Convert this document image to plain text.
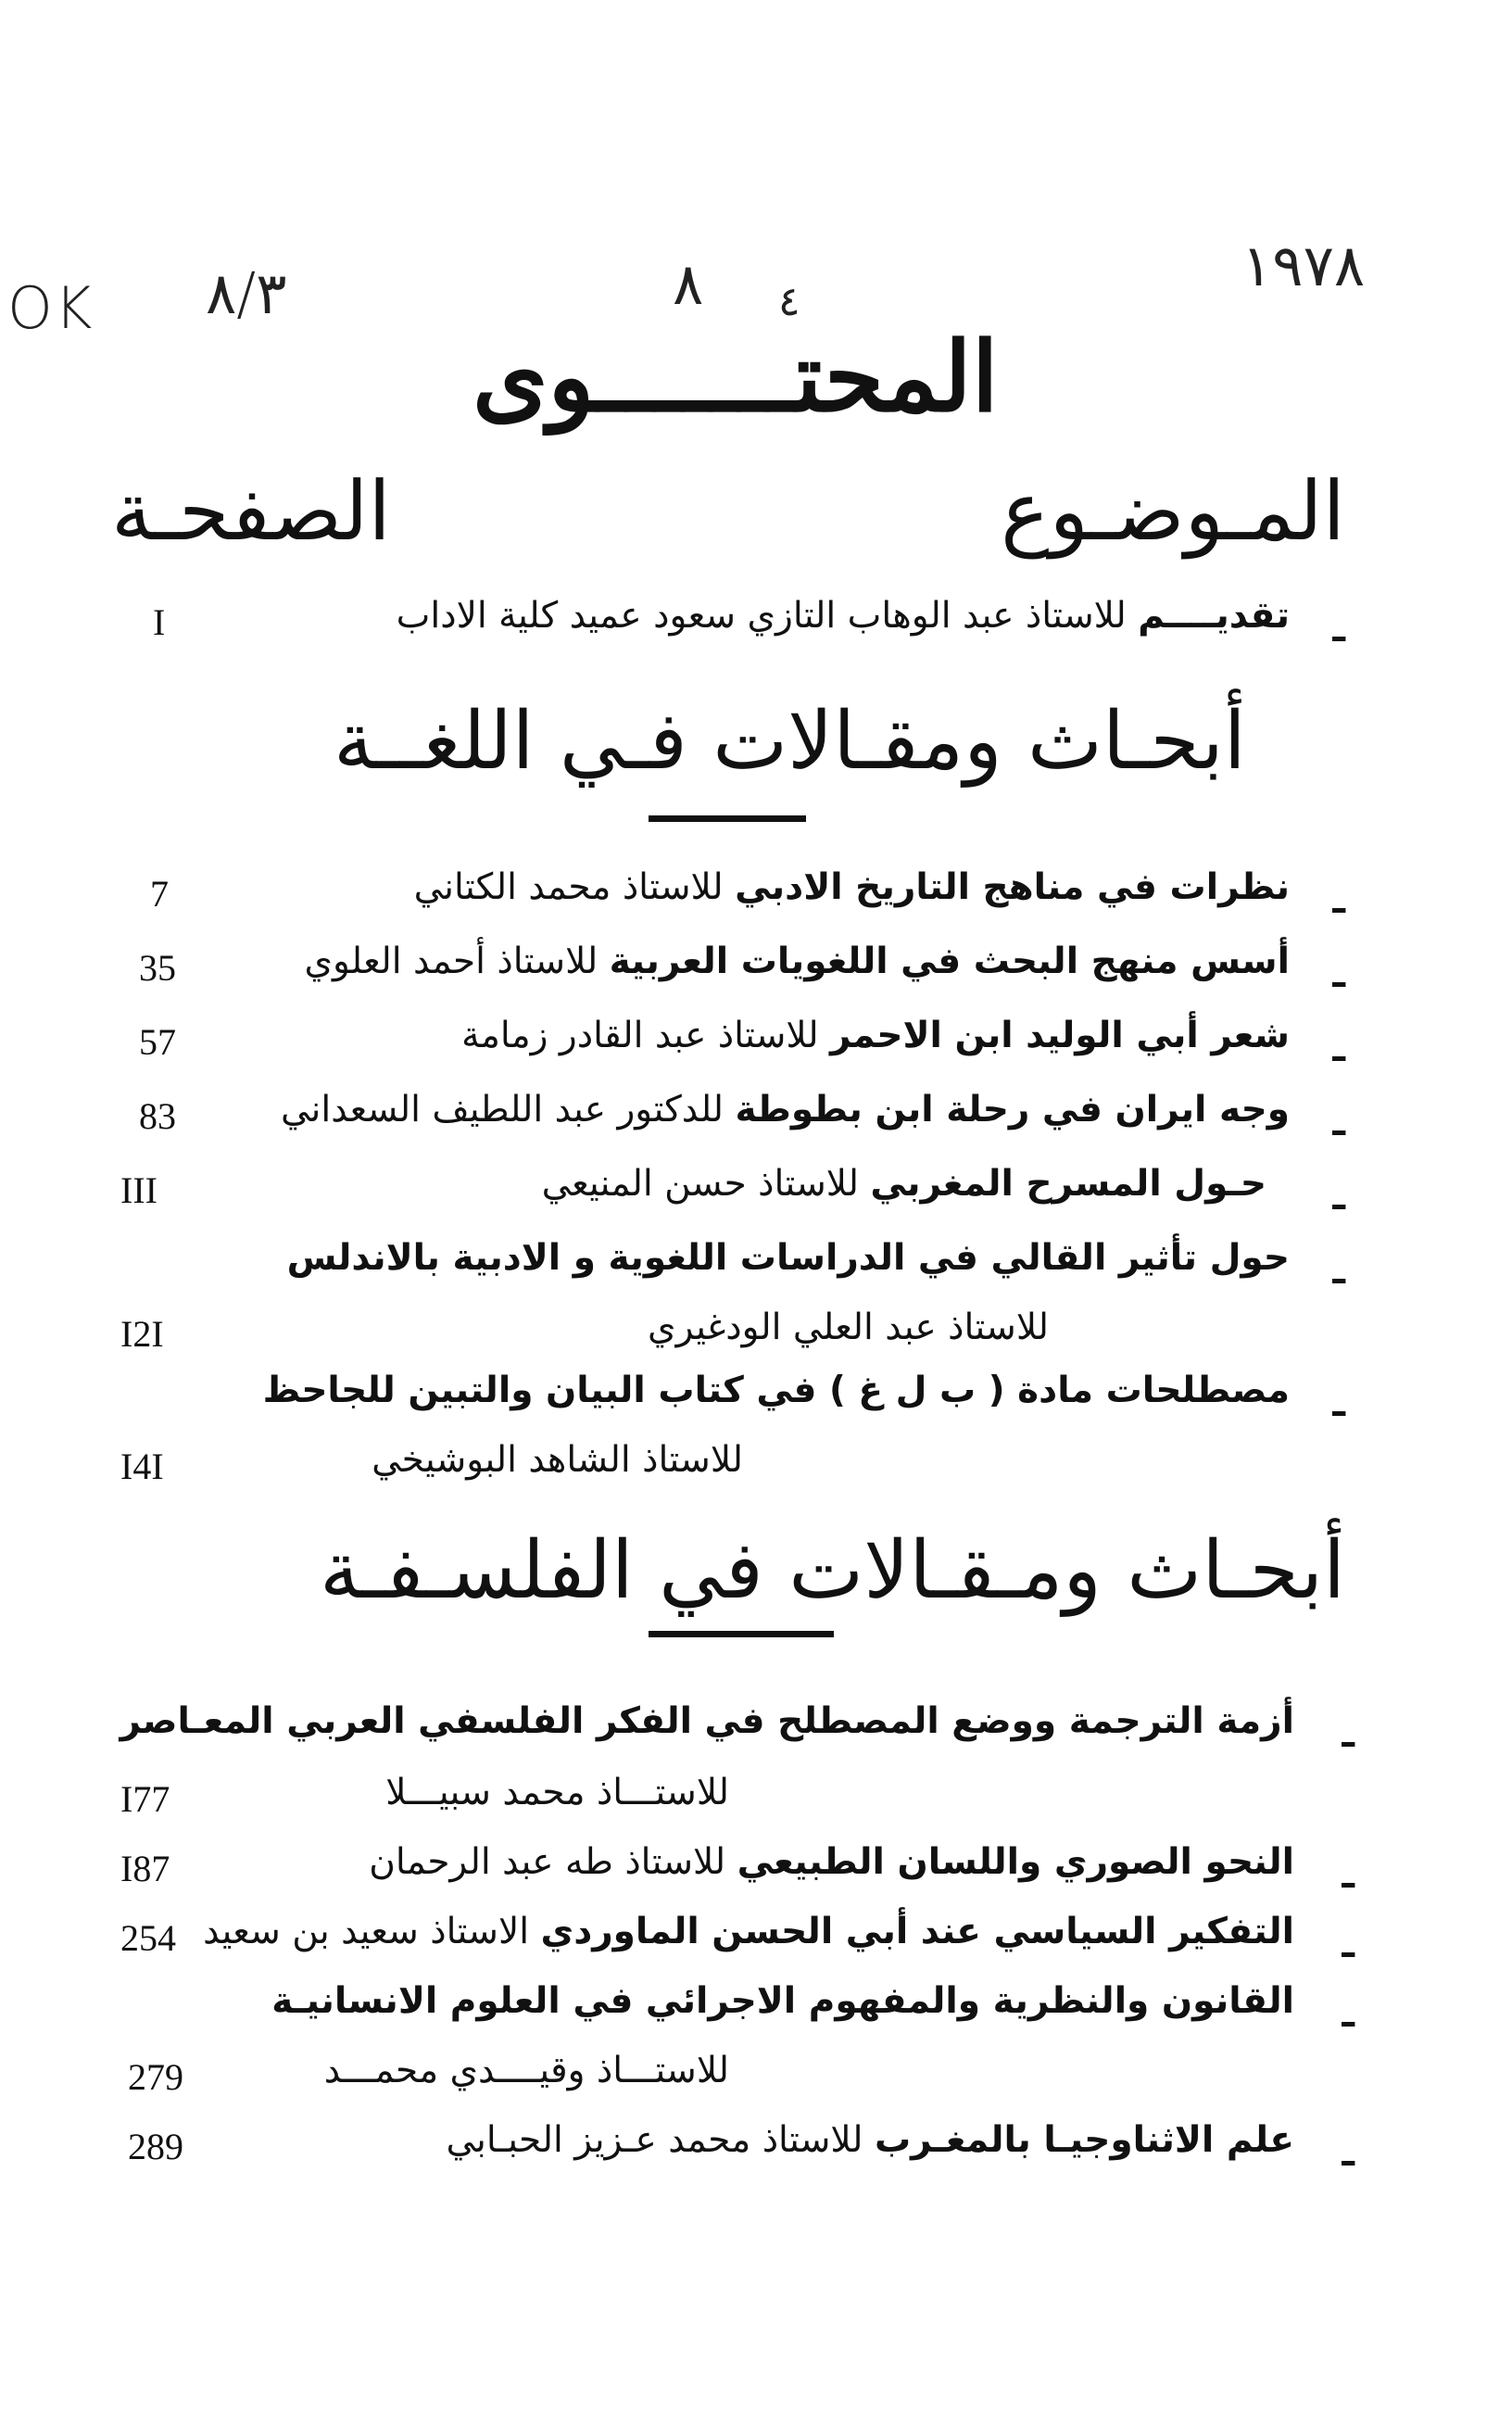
OK ٨/٣	٨ ٤
١٩٧٨
المحتـــــــوى
المـوضـوع
الصفحـة
ـ
تقديــــم للاستاذ عبد الوهاب التازي سعود عميد كلية الاداب
I
أبحـاث ومقـالات فـي اللغــة
ـ
نظرات في مناهج التاريخ الادبي للاستاذ محمد الكتاني
7
ـ
أسس منهج البحث في اللغويات العربية للاستاذ أحمد العلوي
35
ـ
شعر أبي الوليد ابن الاحمر للاستاذ عبد القادر زمامة
57
ـ
وجه ايران في رحلة ابن بطوطة للدكتور عبد اللطيف السعداني
83
ـ
حـول المسرح المغربي للاستاذ حسن المنيعي
III
ـ
حول تأثير القالي في الدراسات اللغوية و الادبية بالاندلس
للاستاذ عبد العلي الودغيري
I2I
ـ
مصطلحات مادة ( ب ل غ ) في كتاب البيان والتبين للجاحظ
للاستاذ الشاهد البوشيخي
I4I
أبحـاث ومـقـالات في الفلسـفـة
ـ
أزمة الترجمة ووضع المصطلح في الفكر الفلسفي العربي المعـاصر
للاستـــاذ محمد سبيـــلا
I77
ـ
النحو الصوري واللسان الطبيعي للاستاذ طه عبد الرحمان
I87
ـ
التفكير السياسي عند أبي الحسن الماوردي الاستاذ سعيد بن سعيد
254
ـ
القانون والنظرية والمفهوم الاجرائي في العلوم الانسانيـة
للاستـــاذ وقيــــدي محمـــد
279
ـ
علم الاثناوجيـا بالمغـرب للاستاذ محمد عـزيز الحبـابي
289
